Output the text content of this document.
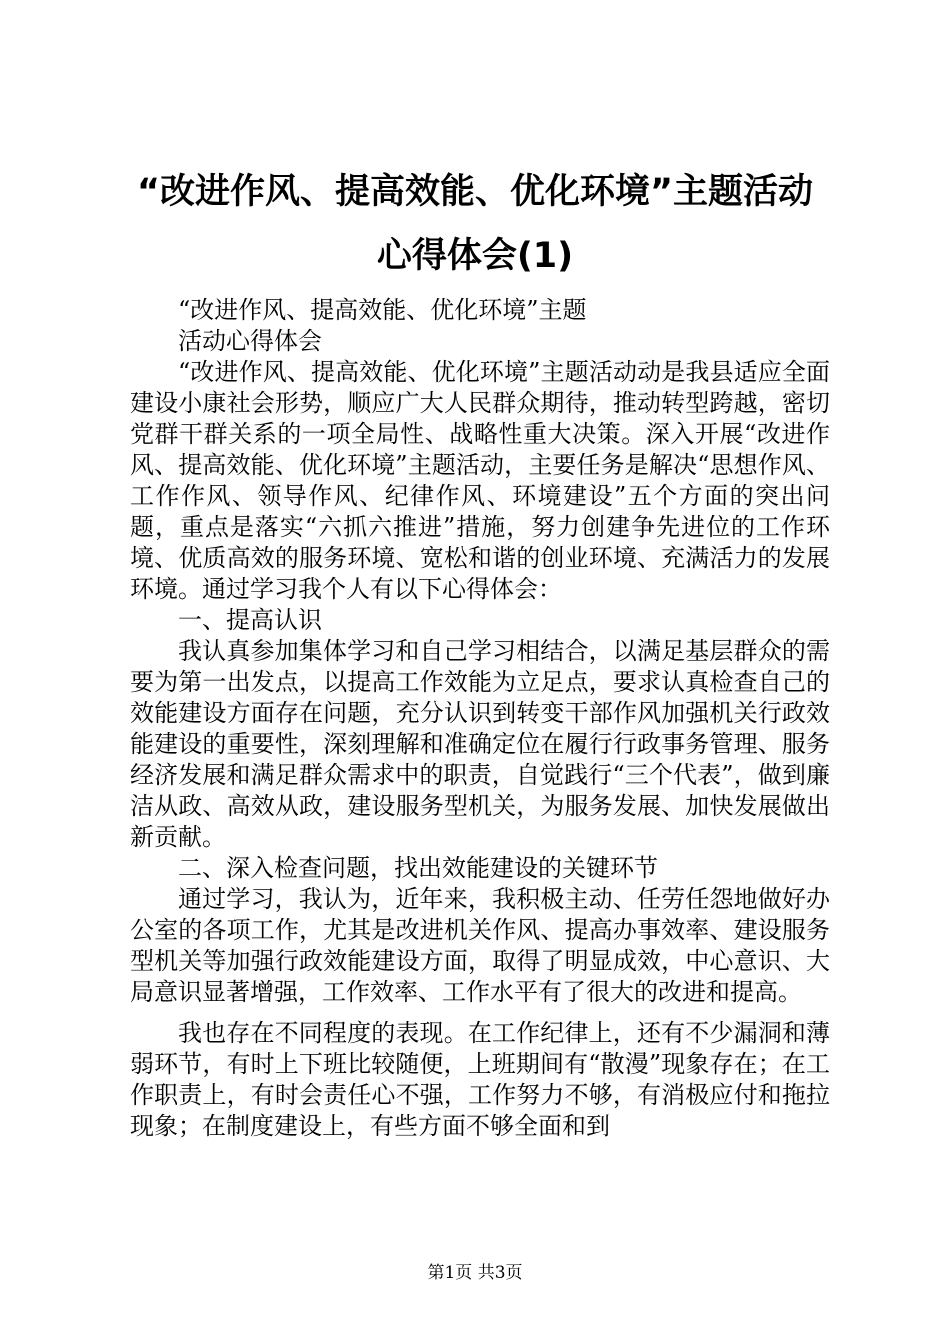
“改进作风、提高效能、优化环境”主题活动
心得体会(1)

“改进作风、提高效能、优化环境”主题

活动心得体会

“改进作风、提高效能、优化环境”主题活动动是我县适应全面建设小康社会形势，顺应广大人民群众期待，推动转型跨越，密切党群干群关系的一项全局性、战略性重大决策。深入开展“改进作风、提高效能、优化环境”主题活动，主要任务是解决“思想作风、工作作风、领导作风、纪律作风、环境建设”五个方面的突出问题，重点是落实“六抓六推进”措施，努力创建争先进位的工作环境、优质高效的服务环境、宽松和谐的创业环境、充满活力的发展环境。通过学习我个人有以下心得体会：

一、提高认识

我认真参加集体学习和自己学习相结合，以满足基层群众的需要为第一出发点，以提高工作效能为立足点，要求认真检查自己的效能建设方面存在问题，充分认识到转变干部作风加强机关行政效能建设的重要性，深刻理解和准确定位在履行行政事务管理、服务经济发展和满足群众需求中的职责，自觉践行“三个代表”，做到廉洁从政、高效从政，建设服务型机关，为服务发展、加快发展做出新贡献。

二、深入检查问题，找出效能建设的关键环节

通过学习，我认为，近年来，我积极主动、任劳任怨地做好办公室的各项工作，尤其是改进机关作风、提高办事效率、建设服务型机关等加强行政效能建设方面，取得了明显成效，中心意识、大局意识显著增强，工作效率、工作水平有了很大的改进和提高。

我也存在不同程度的表现。在工作纪律上，还有不少漏洞和薄弱环节，有时上下班比较随便，上班期间有“散漫”现象存在；在工作职责上，有时会责任心不强，工作努力不够，有消极应付和拖拉现象；在制度建设上，有些方面不够全面和到

第1页 共3页
